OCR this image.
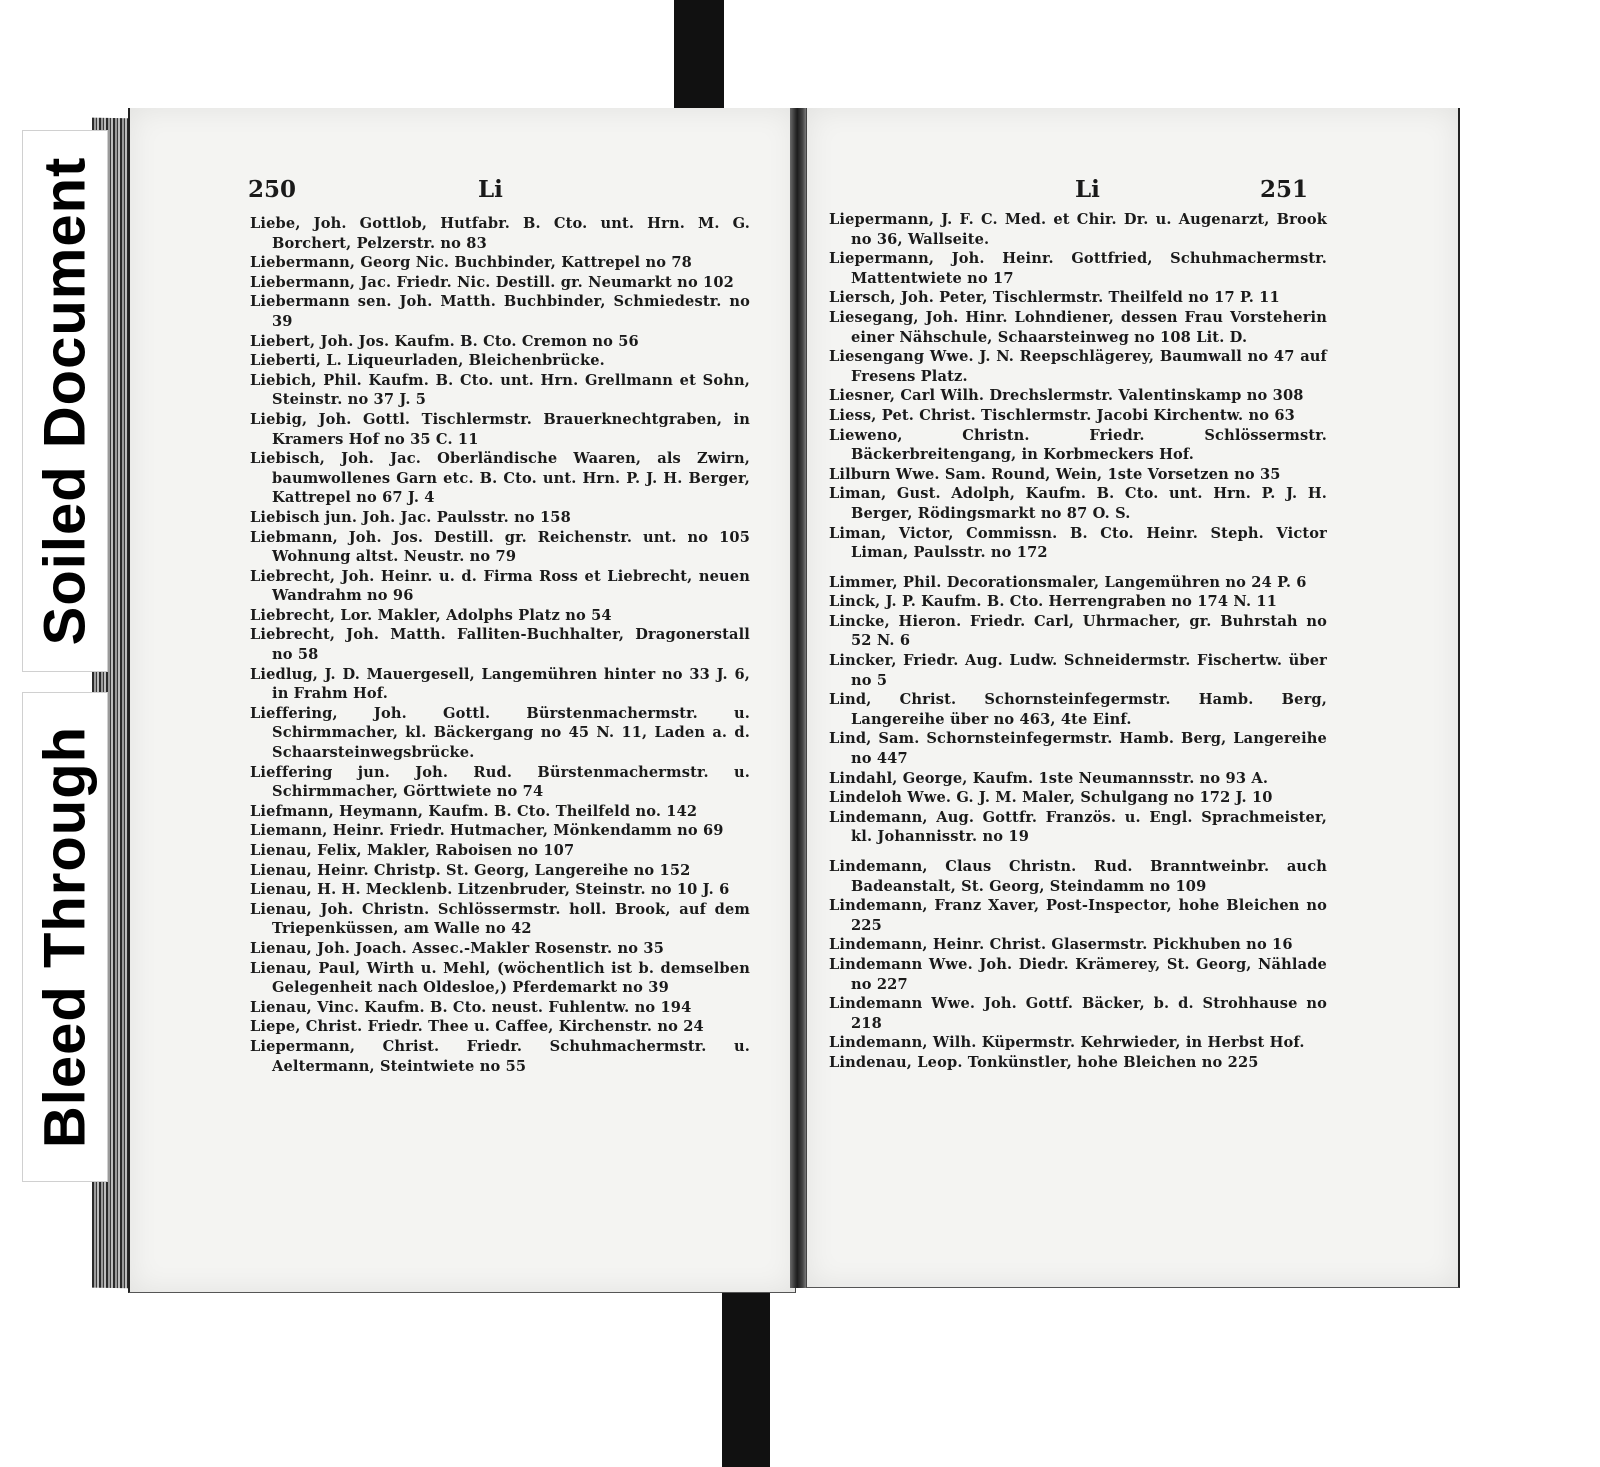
250	Li
Liebe, Joh. Gottlob, Hutfabr. B. Cto. unt. Hrn. M. G. Borchert, Pelzerstr. no 83
Liebermann, Georg Nic. Buchbinder, Kattrepel no 78
Liebermann, Jac. Friedr. Nic. Destill. gr. Neumarkt no 102
Liebermann sen. Joh. Matth. Buchbinder, Schmiedestr. no 39
Liebert, Joh. Jos. Kaufm. B. Cto. Cremon no 56
Lieberti, L. Liqueurladen, Bleichenbrücke.
Liebich, Phil. Kaufm. B. Cto. unt. Hrn. Grellmann et Sohn, Steinstr. no 37 J. 5
Liebig, Joh. Gottl. Tischlermstr. Brauerknechtgraben, in Kramers Hof no 35 C. 11
Liebisch, Joh. Jac. Oberländische Waaren, als Zwirn, baumwollenes Garn etc. B. Cto. unt. Hrn. P. J. H. Berger, Kattrepel no 67 J. 4
Liebisch jun. Joh. Jac. Paulsstr. no 158
Liebmann, Joh. Jos. Destill. gr. Reichenstr. unt. no 105 Wohnung altst. Neustr. no 79
Liebrecht, Joh. Heinr. u. d. Firma Ross et Liebrecht, neuen Wandrahm no 96
Liebrecht, Lor. Makler, Adolphs Platz no 54
Liebrecht, Joh. Matth. Falliten-Buchhalter, Dragonerstall no 58
Liedlug, J. D. Mauergesell, Langemühren hinter no 33 J. 6, in Frahm Hof.
Lieffering, Joh. Gottl. Bürstenmachermstr. u. Schirmmacher, kl. Bäckergang no 45 N. 11, Laden a. d. Schaarsteinwegsbrücke.
Lieffering jun. Joh. Rud. Bürstenmachermstr. u. Schirmmacher, Görttwiete no 74
Liefmann, Heymann, Kaufm. B. Cto. Theilfeld no. 142
Liemann, Heinr. Friedr. Hutmacher, Mönkendamm no 69
Lienau, Felix, Makler, Raboisen no 107
Lienau, Heinr. Christp. St. Georg, Langereihe no 152
Lienau, H. H. Mecklenb. Litzenbruder, Steinstr. no 10 J. 6
Lienau, Joh. Christn. Schlössermstr. holl. Brook, auf dem Triepenküssen, am Walle no 42
Lienau, Joh. Joach. Assec.-Makler Rosenstr. no 35
Lienau, Paul, Wirth u. Mehl, (wöchentlich ist b. demselben Gelegenheit nach Oldesloe,) Pferdemarkt no 39
Lienau, Vinc. Kaufm. B. Cto. neust. Fuhlentw. no 194
Liepe, Christ. Friedr. Thee u. Caffee, Kirchenstr. no 24
Liepermann, Christ. Friedr. Schuhmachermstr. u. Aeltermann, Steintwiete no 55
Li	251
Liepermann, J. F. C. Med. et Chir. Dr. u. Augenarzt, Brook no 36, Wallseite.
Liepermann, Joh. Heinr. Gottfried, Schuhmachermstr. Mattentwiete no 17
Liersch, Joh. Peter, Tischlermstr. Theilfeld no 17 P. 11
Liesegang, Joh. Hinr. Lohndiener, dessen Frau Vorsteherin einer Nähschule, Schaarsteinweg no 108 Lit. D.
Liesengang Wwe. J. N. Reepschlägerey, Baumwall no 47 auf Fresens Platz.
Liesner, Carl Wilh. Drechslermstr. Valentinskamp no 308
Liess, Pet. Christ. Tischlermstr. Jacobi Kirchentw. no 63
Lieweno, Christn. Friedr. Schlössermstr. Bäckerbreitengang, in Korbmeckers Hof.
Lilburn Wwe. Sam. Round, Wein, 1ste Vorsetzen no 35
Liman, Gust. Adolph, Kaufm. B. Cto. unt. Hrn. P. J. H. Berger, Rödingsmarkt no 87 O. S.
Liman, Victor, Commissn. B. Cto. Heinr. Steph. Victor Liman, Paulsstr. no 172
Limmer, Phil. Decorationsmaler, Langemühren no 24 P. 6
Linck, J. P. Kaufm. B. Cto. Herrengraben no 174 N. 11
Lincke, Hieron. Friedr. Carl, Uhrmacher, gr. Buhrstah no 52 N. 6
Lincker, Friedr. Aug. Ludw. Schneidermstr. Fischertw. über no 5
Lind, Christ. Schornsteinfegermstr. Hamb. Berg, Langereihe über no 463, 4te Einf.
Lind, Sam. Schornsteinfegermstr. Hamb. Berg, Langereihe no 447
Lindahl, George, Kaufm. 1ste Neumannsstr. no 93 A.
Lindeloh Wwe. G. J. M. Maler, Schulgang no 172 J. 10
Lindemann, Aug. Gottfr. Französ. u. Engl. Sprachmeister, kl. Johannisstr. no 19
Lindemann, Claus Christn. Rud. Branntweinbr. auch Badeanstalt, St. Georg, Steindamm no 109
Lindemann, Franz Xaver, Post-Inspector, hohe Bleichen no 225
Lindemann, Heinr. Christ. Glasermstr. Pickhuben no 16
Lindemann Wwe. Joh. Diedr. Krämerey, St. Georg, Nählade no 227
Lindemann Wwe. Joh. Gottf. Bäcker, b. d. Strohhause no 218
Lindemann, Wilh. Küpermstr. Kehrwieder, in Herbst Hof.
Lindenau, Leop. Tonkünstler, hohe Bleichen no 225
Soiled Document
Bleed Through
